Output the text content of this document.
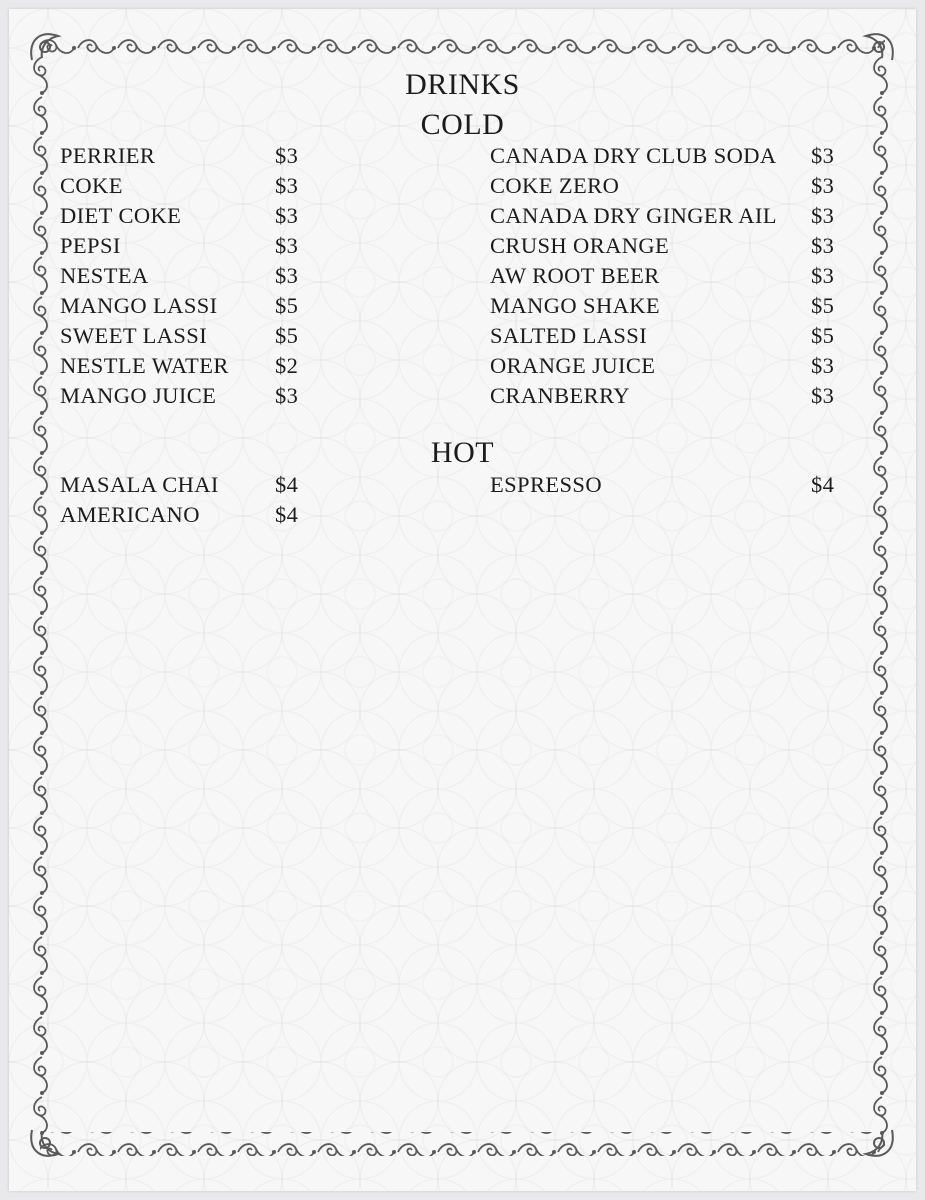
DRINKS
COLD
PERRIER	$3
COKE	$3
DIET COKE	$3
PEPSI	$3
NESTEA	$3
MANGO LASSI	$5
SWEET LASSI	$5
NESTLE WATER $2
MANGO JUICE	$3
CANADA DRY CLUB SODA $3
COKE ZERO	$3
CANADA DRY GINGER AIL $3
CRUSH ORANGE	$3
AW ROOT BEER	$3
MANGO SHAKE	$5
SALTED LASSI	$5
ORANGE JUICE	$3
CRANBERRY	$3
HOT
MASALA CHAI $4
AMERICANO	$4
ESPRESSO	$4
